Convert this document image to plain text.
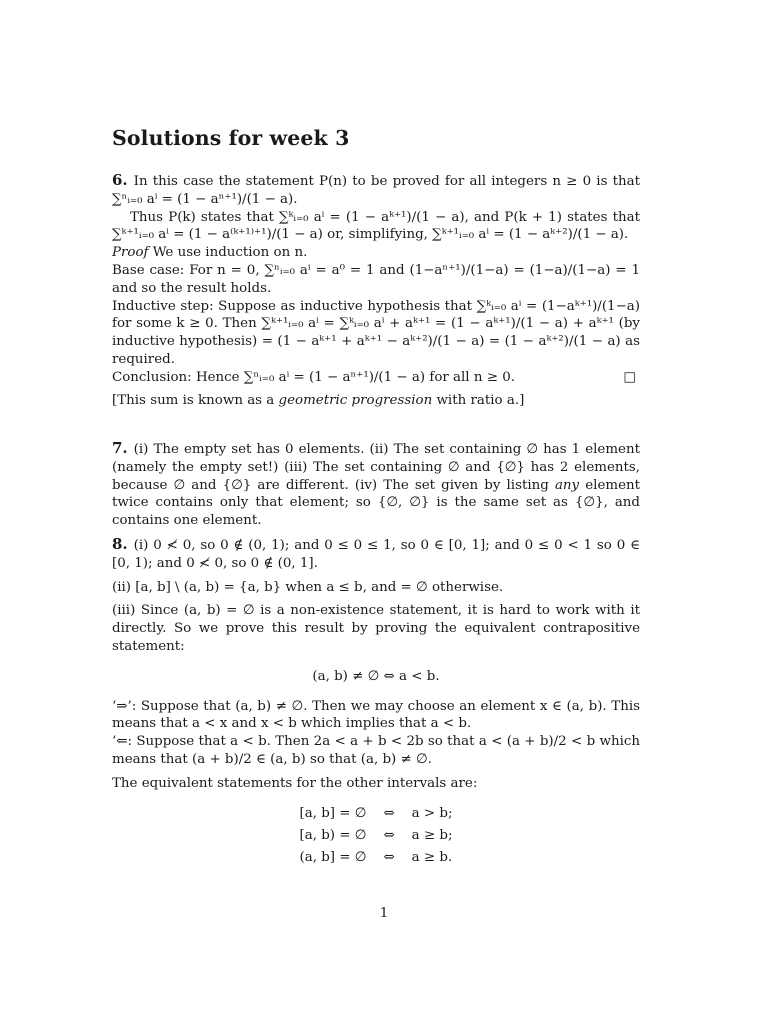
Solutions for week 3

6. In this case the statement P(n) to be proved for all integers n ≥ 0 is that ∑ⁿᵢ₌₀ aⁱ = (1 − aⁿ⁺¹)/(1 − a).

Thus P(k) states that ∑ᵏᵢ₌₀ aⁱ = (1 − aᵏ⁺¹)/(1 − a), and P(k + 1) states that ∑ᵏ⁺¹ᵢ₌₀ aⁱ = (1 − a⁽ᵏ⁺¹⁾⁺¹)/(1 − a) or, simplifying, ∑ᵏ⁺¹ᵢ₌₀ aⁱ = (1 − aᵏ⁺²)/(1 − a).

Proof We use induction on n.

Base case: For n = 0, ∑ⁿᵢ₌₀ aⁱ = a⁰ = 1 and (1−aⁿ⁺¹)/(1−a) = (1−a)/(1−a) = 1 and so the result holds.

Inductive step: Suppose as inductive hypothesis that ∑ᵏᵢ₌₀ aⁱ = (1−aᵏ⁺¹)/(1−a) for some k ≥ 0. Then ∑ᵏ⁺¹ᵢ₌₀ aⁱ = ∑ᵏᵢ₌₀ aⁱ + aᵏ⁺¹ = (1 − aᵏ⁺¹)/(1 − a) + aᵏ⁺¹ (by inductive hypothesis) = (1 − aᵏ⁺¹ + aᵏ⁺¹ − aᵏ⁺²)/(1 − a) = (1 − aᵏ⁺²)/(1 − a) as required.

Conclusion: Hence ∑ⁿᵢ₌₀ aⁱ = (1 − aⁿ⁺¹)/(1 − a) for all n ≥ 0.	□

[This sum is known as a geometric progression with ratio a.]

7. (i) The empty set has 0 elements. (ii) The set containing ∅ has 1 element (namely the empty set!) (iii) The set containing ∅ and {∅} has 2 elements, because ∅ and {∅} are different. (iv) The set given by listing any element twice contains only that element; so {∅, ∅} is the same set as {∅}, and contains one element.

8. (i) 0 ≮ 0, so 0 ∉ (0, 1); and 0 ≤ 0 ≤ 1, so 0 ∈ [0, 1]; and 0 ≤ 0 < 1 so 0 ∈ [0, 1); and 0 ≮ 0, so 0 ∉ (0, 1].

(ii) [a, b] \ (a, b) = {a, b} when a ≤ b, and = ∅ otherwise.

(iii) Since (a, b) = ∅ is a non-existence statement, it is hard to work with it directly. So we prove this result by proving the equivalent contrapositive statement:

(a, b) ≠ ∅ ⇔ a < b.

‘⇒’: Suppose that (a, b) ≠ ∅. Then we may choose an element x ∈ (a, b). This means that a < x and x < b which implies that a < b.

‘⇐: Suppose that a < b. Then 2a < a + b < 2b so that a < (a + b)/2 < b which means that (a + b)/2 ∈ (a, b) so that (a, b) ≠ ∅.

The equivalent statements for the other intervals are:

[a, b] = ∅	⇔	a > b;
[a, b) = ∅	⇔	a ≥ b;
(a, b] = ∅	⇔	a ≥ b.
1
